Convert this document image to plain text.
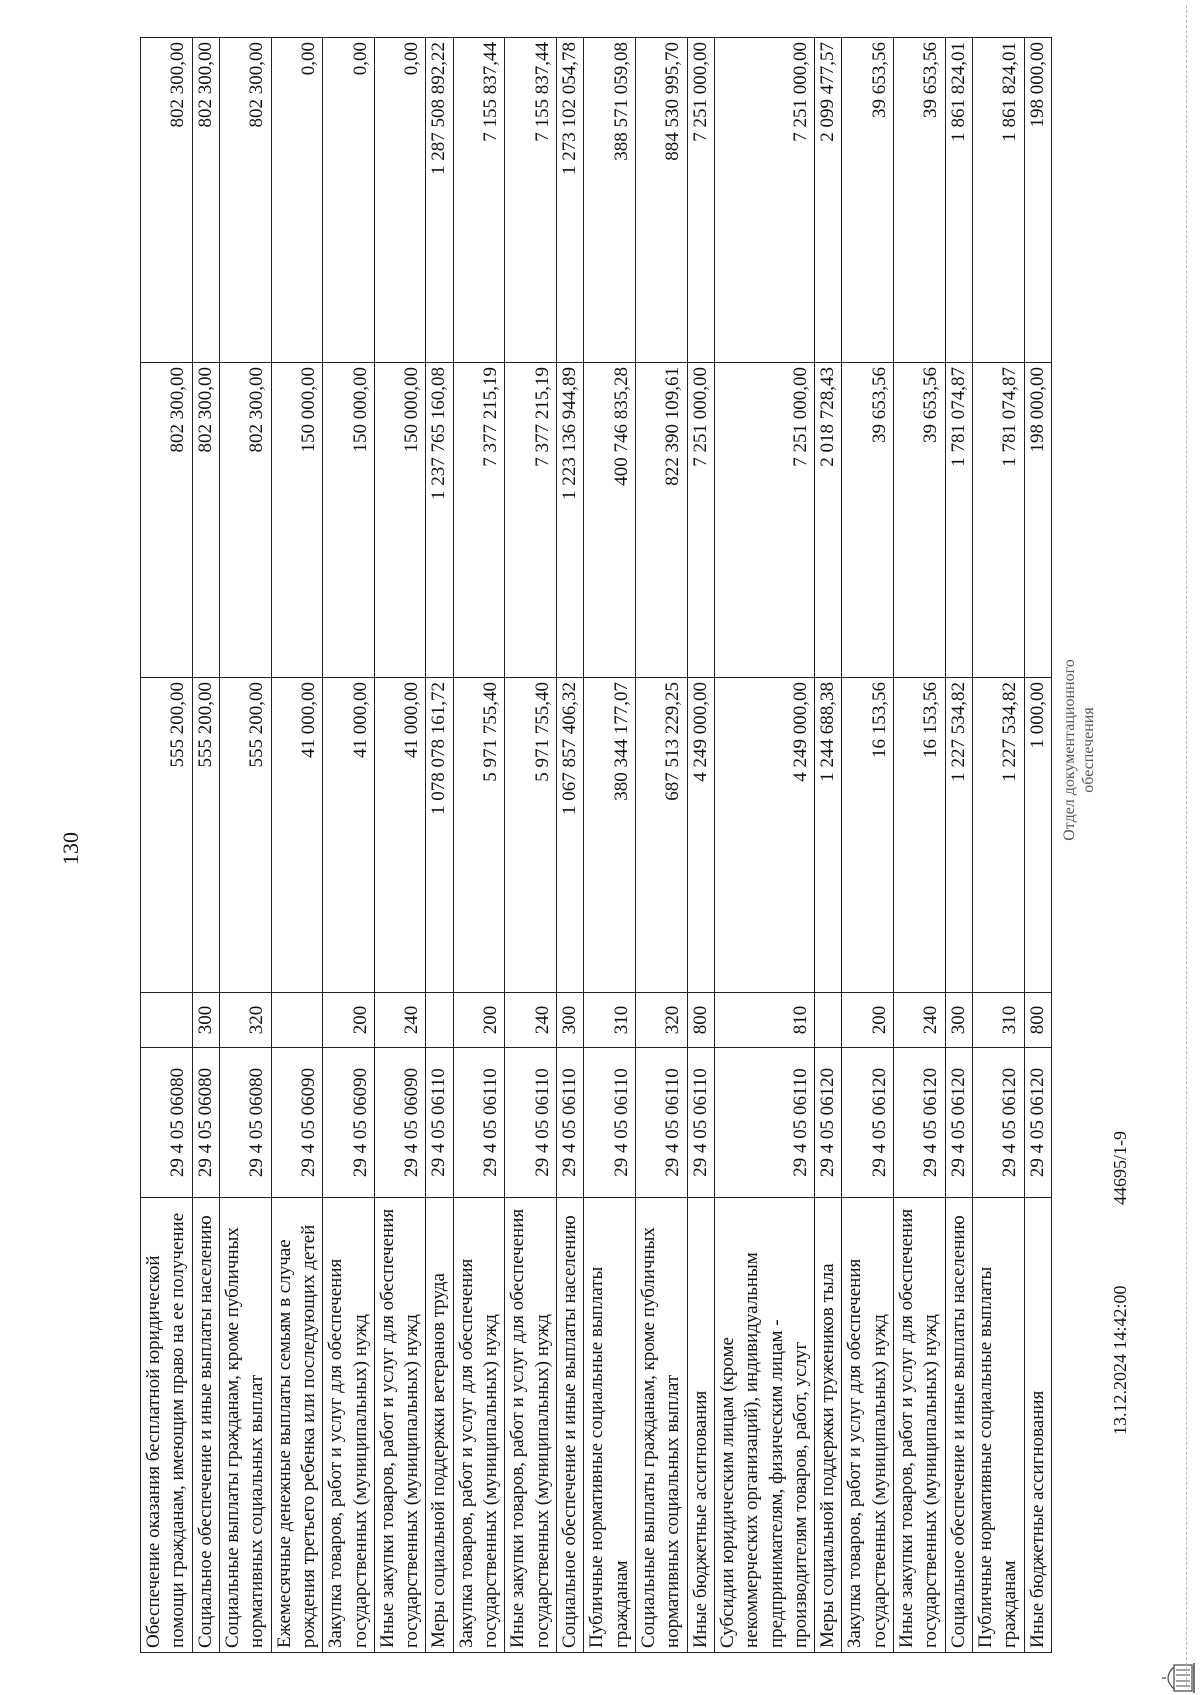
130
Обеспечение оказания бесплатной юридической помощи гражданам, имеющим право на ее получение	29 4 05 06080		555 200,00	802 300,00	802 300,00
Социальное обеспечение и иные выплаты населению	29 4 05 06080	300	555 200,00	802 300,00	802 300,00
Социальные выплаты гражданам, кроме публичных нормативных социальных выплат	29 4 05 06080	320	555 200,00	802 300,00	802 300,00
Ежемесячные денежные выплаты семьям в случае рождения третьего ребенка или последующих детей	29 4 05 06090		41 000,00	150 000,00	0,00
Закупка товаров, работ и услуг для обеспечения государственных (муниципальных) нужд	29 4 05 06090	200	41 000,00	150 000,00	0,00
Иные закупки товаров, работ и услуг для обеспечения государственных (муниципальных) нужд	29 4 05 06090	240	41 000,00	150 000,00	0,00
Меры социальной поддержки ветеранов труда	29 4 05 06110		1 078 078 161,72	1 237 765 160,08	1 287 508 892,22
Закупка товаров, работ и услуг для обеспечения государственных (муниципальных) нужд	29 4 05 06110	200	5 971 755,40	7 377 215,19	7 155 837,44
Иные закупки товаров, работ и услуг для обеспечения государственных (муниципальных) нужд	29 4 05 06110	240	5 971 755,40	7 377 215,19	7 155 837,44
Социальное обеспечение и иные выплаты населению	29 4 05 06110	300	1 067 857 406,32	1 223 136 944,89	1 273 102 054,78
Публичные нормативные социальные выплаты гражданам	29 4 05 06110	310	380 344 177,07	400 746 835,28	388 571 059,08
Социальные выплаты гражданам, кроме публичных нормативных социальных выплат	29 4 05 06110	320	687 513 229,25	822 390 109,61	884 530 995,70
Иные бюджетные ассигнования	29 4 05 06110	800	4 249 000,00	7 251 000,00	7 251 000,00
Субсидии юридическим лицам (кроме некоммерческих организаций), индивидуальным предпринимателям, физическим лицам - производителям товаров, работ, услуг	29 4 05 06110	810	4 249 000,00	7 251 000,00	7 251 000,00
Меры социальной поддержки тружеников тыла	29 4 05 06120		1 244 688,38	2 018 728,43	2 099 477,57
Закупка товаров, работ и услуг для обеспечения государственных (муниципальных) нужд	29 4 05 06120	200	16 153,56	39 653,56	39 653,56
Иные закупки товаров, работ и услуг для обеспечения государственных (муниципальных) нужд	29 4 05 06120	240	16 153,56	39 653,56	39 653,56
Социальное обеспечение и иные выплаты населению	29 4 05 06120	300	1 227 534,82	1 781 074,87	1 861 824,01
Публичные нормативные социальные выплаты гражданам	29 4 05 06120	310	1 227 534,82	1 781 074,87	1 861 824,01
Иные бюджетные ассигнования	29 4 05 06120	800	1 000,00	198 000,00	198 000,00
13.12.2024 14:42:00
44695/1-9
Отдел документационного обеспечения
